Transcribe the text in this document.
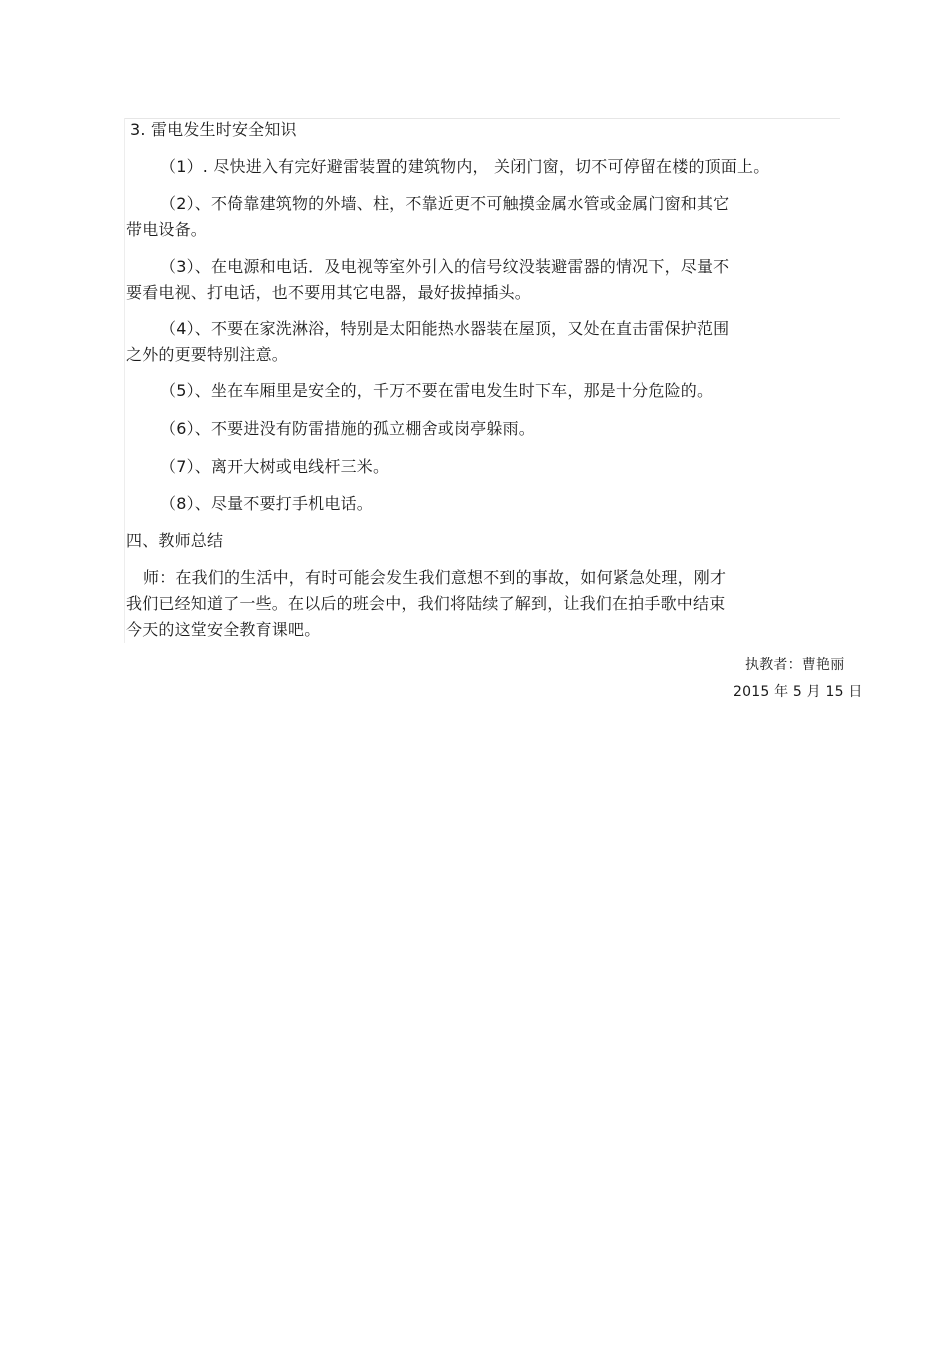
3. 雷电发生时安全知识
（1）. 尽快进入有完好避雷装置的建筑物内， 关闭门窗，切不可停留在楼的顶面上。
（2）、不倚靠建筑物的外墙、柱，不靠近更不可触摸金属水管或金属门窗和其它
带电设备。
（3）、在电源和电话．及电视等室外引入的信号纹没装避雷器的情况下，尽量不
要看电视、打电话，也不要用其它电器，最好拔掉插头。
（4）、不要在家洗淋浴，特别是太阳能热水器装在屋顶，又处在直击雷保护范围
之外的更要特别注意。
（5）、坐在车厢里是安全的，千万不要在雷电发生时下车，那是十分危险的。
（6）、不要进没有防雷措施的孤立棚舍或岗亭躲雨。
（7）、离开大树或电线杆三米。
（8）、尽量不要打手机电话。
四、教师总结
师：在我们的生活中，有时可能会发生我们意想不到的事故，如何紧急处理，刚才
我们已经知道了一些。在以后的班会中，我们将陆续了解到，让我们在拍手歌中结束
今天的这堂安全教育课吧。
执教者：曹艳丽
2015 年 5 月 15 日
